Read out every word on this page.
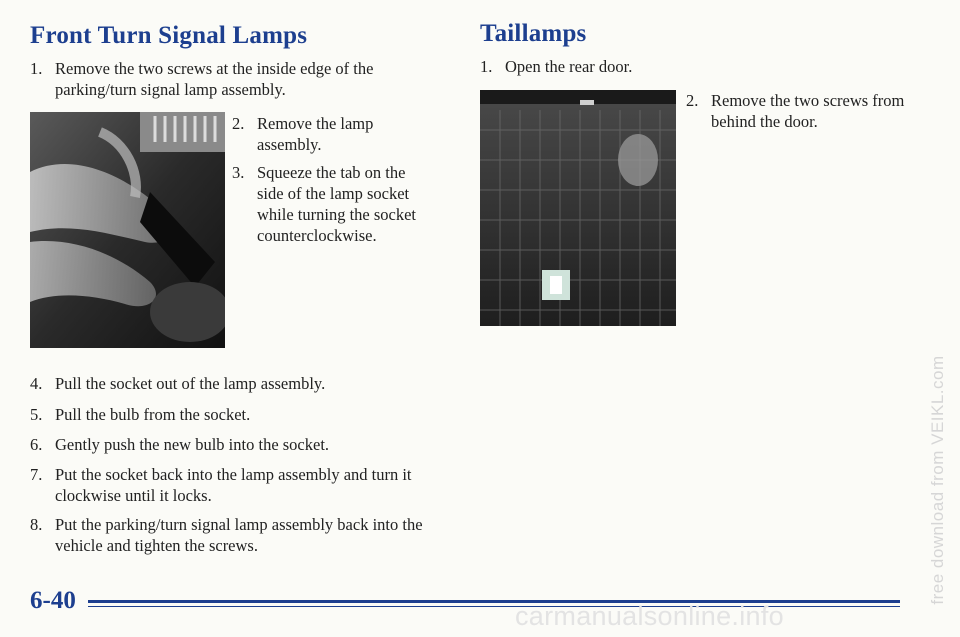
Front Turn Signal Lamps
1. Remove the two screws at the inside edge of the parking/turn signal lamp assembly.
2. Remove the lamp assembly.
3. Squeeze the tab on the side of the lamp socket while turning the socket counterclockwise.
4. Pull the socket out of the lamp assembly.
5. Pull the bulb from the socket.
6. Gently push the new bulb into the socket.
7. Put the socket back into the lamp assembly and turn it clockwise until it locks.
8. Put the parking/turn signal lamp assembly back into the vehicle and tighten the screws.
Taillamps
1. Open the rear door.
2. Remove the two screws from behind the door.

6-40	free download from VEIKL.com
carmanualsonline.info
